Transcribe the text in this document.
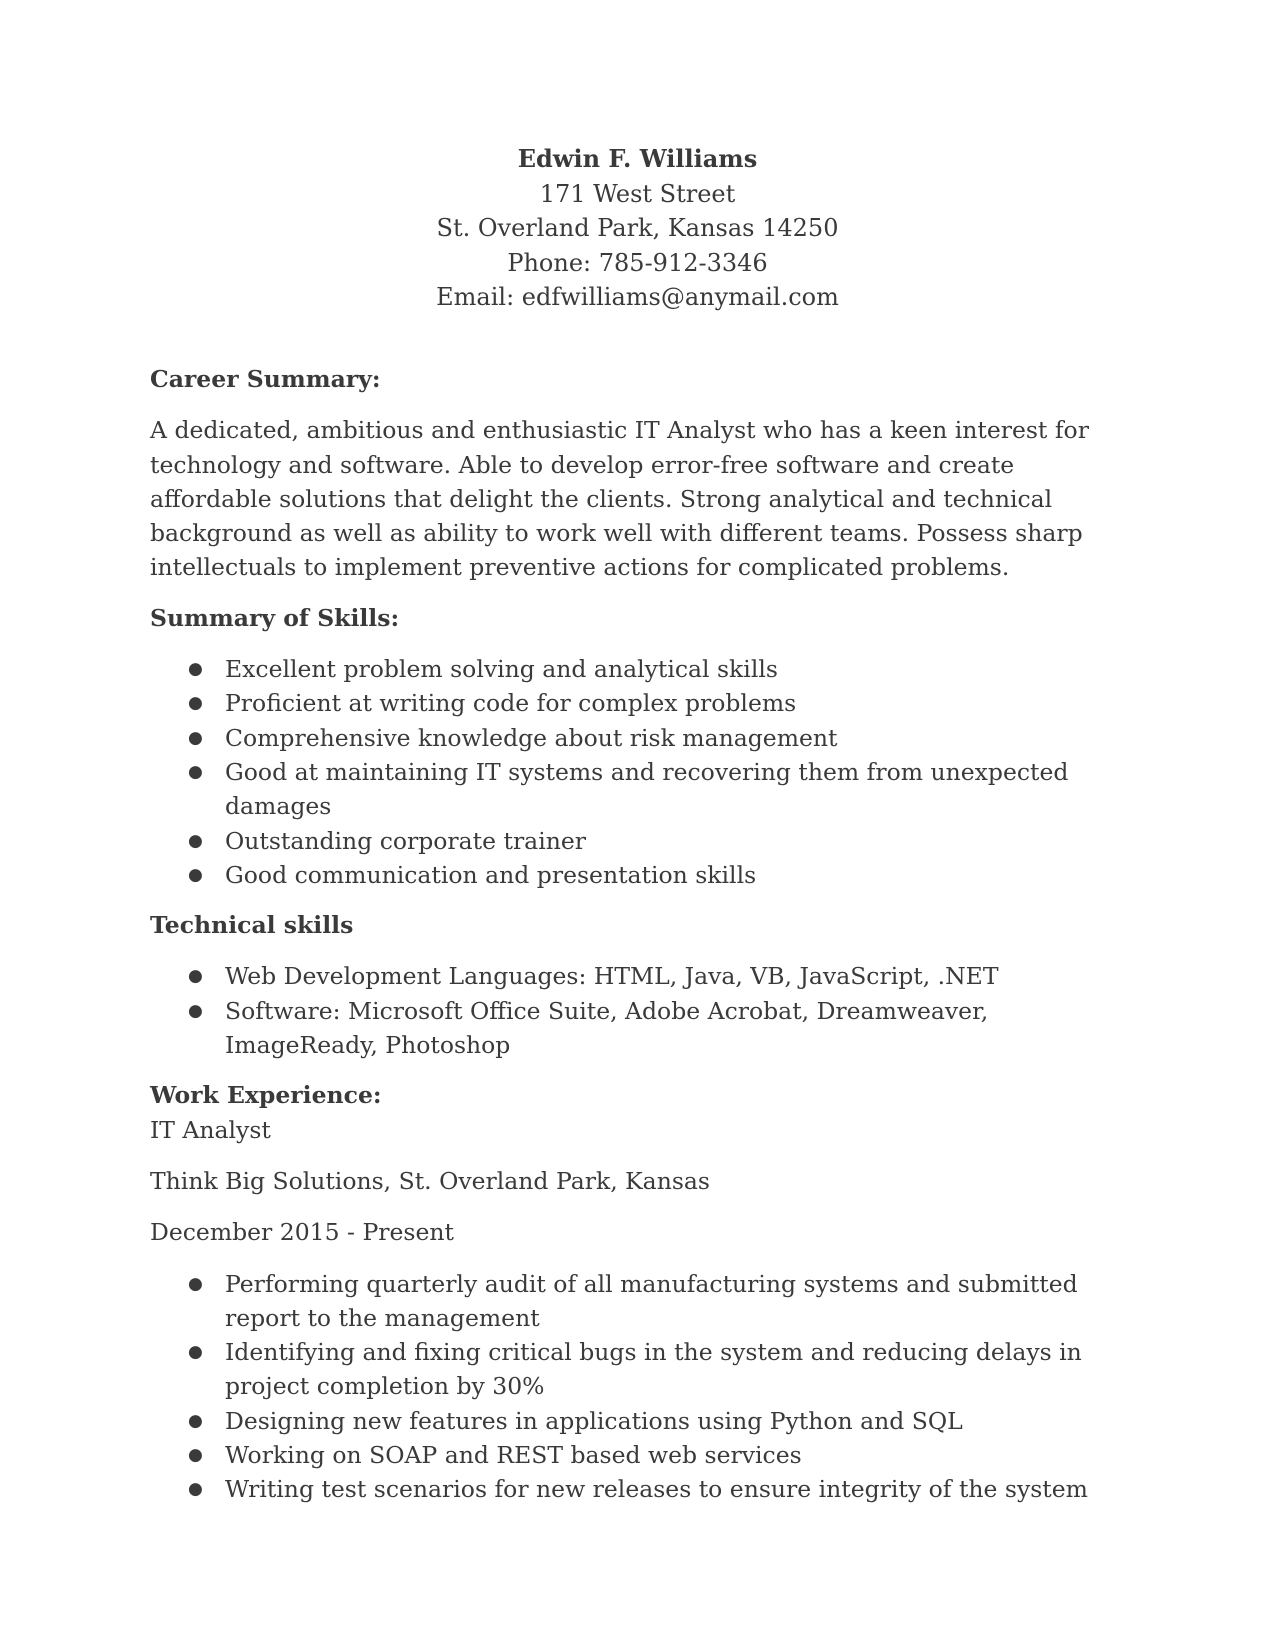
Edwin F. Williams
171 West Street
St. Overland Park, Kansas 14250
Phone: 785-912-3346
Email: edfwilliams@anymail.com

Career Summary:

A dedicated, ambitious and enthusiastic IT Analyst who has a keen interest for technology and software. Able to develop error-free software and create affordable solutions that delight the clients. Strong analytical and technical background as well as ability to work well with different teams. Possess sharp intellectuals to implement preventive actions for complicated problems.

Summary of Skills:

● Excellent problem solving and analytical skills
● Proficient at writing code for complex problems
● Comprehensive knowledge about risk management
● Good at maintaining IT systems and recovering them from unexpected damages
● Outstanding corporate trainer
● Good communication and presentation skills

Technical skills

● Web Development Languages: HTML, Java, VB, JavaScript, .NET
● Software: Microsoft Office Suite, Adobe Acrobat, Dreamweaver, ImageReady, Photoshop

Work Experience:

IT Analyst

Think Big Solutions, St. Overland Park, Kansas

December 2015 - Present

● Performing quarterly audit of all manufacturing systems and submitted report to the management
● Identifying and fixing critical bugs in the system and reducing delays in project completion by 30%
● Designing new features in applications using Python and SQL
● Working on SOAP and REST based web services
● Writing test scenarios for new releases to ensure integrity of the system
